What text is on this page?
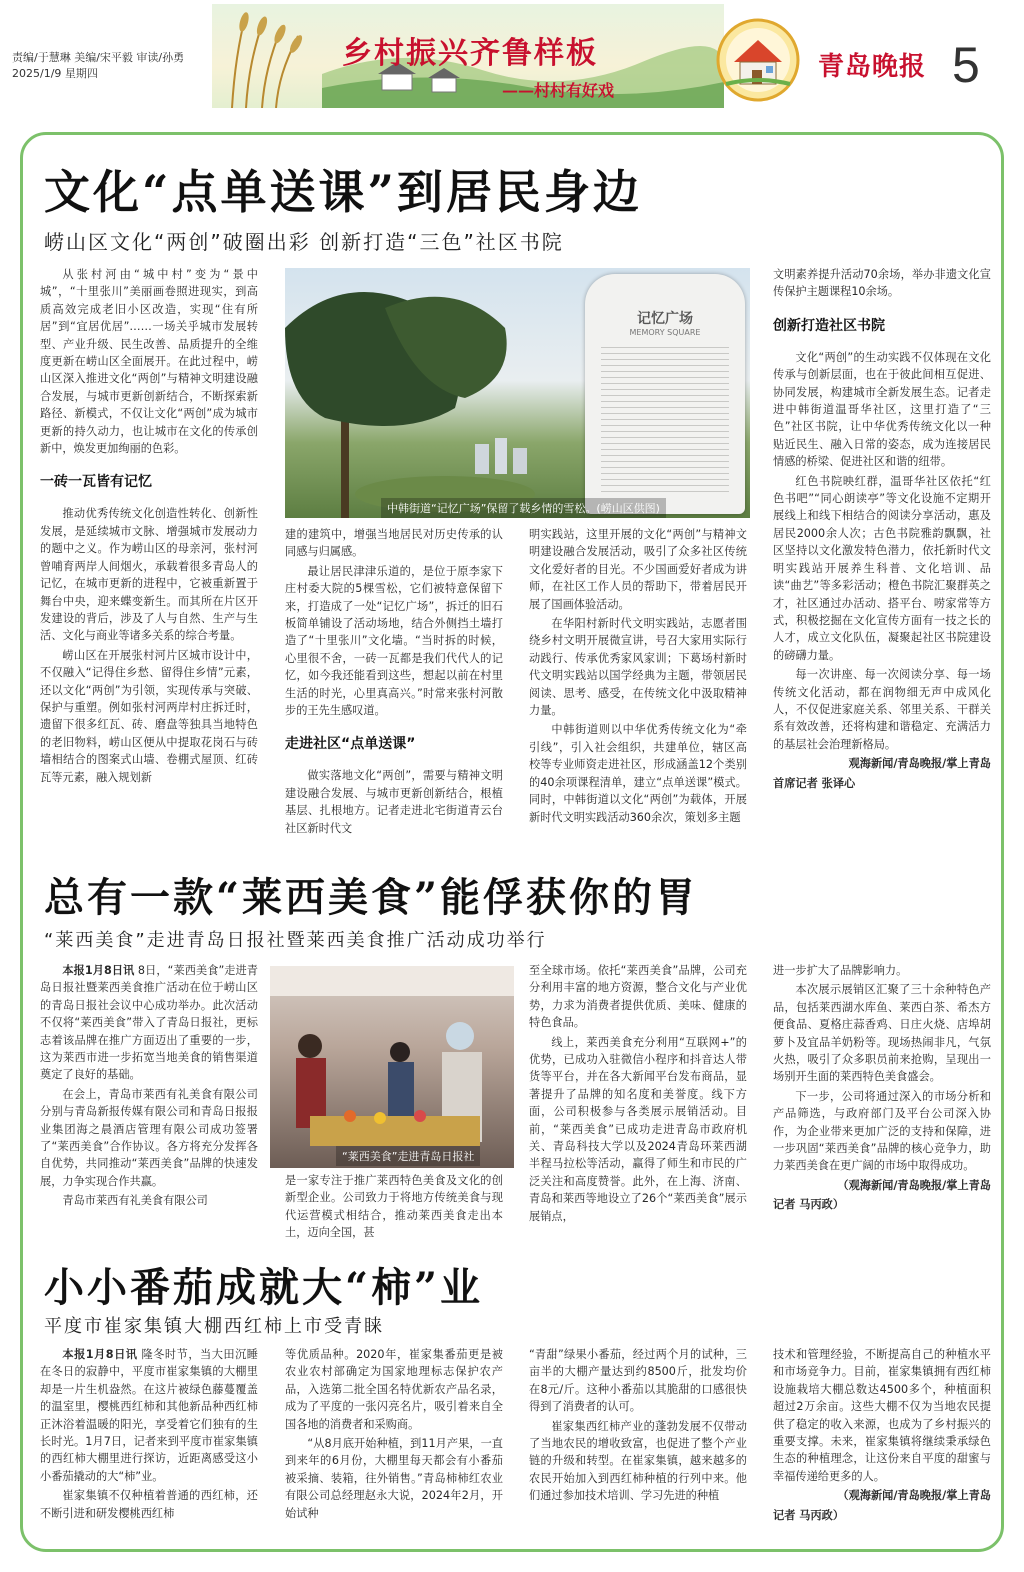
责编/于慧琳 美编/宋平毅 审读/孙勇
2025/1/9 星期四
乡村振兴齐鲁样板
——村村有好戏
青岛晚报 5
文化“点单送课”到居民身边
崂山区文化“两创”破圈出彩 创新打造“三色”社区书院

从张村河由“城中村”变为“景中城”，“十里张川”美丽画卷照进现实，到高质高效完成老旧小区改造，实现“住有所居”到“宜居优居”……一场关乎城市发展转型、产业升级、民生改善、品质提升的全维度更新在崂山区全面展开。在此过程中，崂山区深入推进文化“两创”与精神文明建设融合发展，与城市更新创新结合，不断探索新路径、新模式，不仅让文化“两创”成为城市更新的持久动力，也让城市在文化的传承创新中，焕发更加绚丽的色彩。

一砖一瓦皆有记忆

推动优秀传统文化创造性转化、创新性发展，是延续城市文脉、增强城市发展动力的题中之义。作为崂山区的母亲河，张村河曾哺育两岸人间烟火，承载着很多青岛人的记忆，在城市更新的进程中，它被重新置于舞台中央，迎来蝶变新生。而其所在片区开发建设的背后，涉及了人与自然、生产与生活、文化与商业等诸多关系的综合考量。

崂山区在开展张村河片区城市设计中，不仅融入“记得住乡愁、留得住乡情”元素，还以文化“两创”为引领，实现传承与突破、保护与重塑。例如张村河两岸村庄拆迁时，遗留下很多红瓦、砖、磨盘等独具当地特色的老旧物料，崂山区便从中提取花岗石与砖墙相结合的图案式山墙、卷棚式屋顶、红砖瓦等元素，融入规划新

记忆广场
MEMORY SQUARE
中韩街道“记忆广场”保留了载乡情的雪松。(崂山区供图)

建的建筑中，增强当地居民对历史传承的认同感与归属感。

最让居民津津乐道的，是位于原李家下庄村委大院的5棵雪松，它们被特意保留下来，打造成了一处“记忆广场”，拆迁的旧石板简单铺设了活动场地，结合外侧挡土墙打造了“十里张川”文化墙。“当时拆的时候，心里很不舍，一砖一瓦都是我们代代人的记忆，如今我还能看到这些，想起以前在村里生活的时光，心里真高兴。”时常来张村河散步的王先生感叹道。

走进社区“点单送课”

做实落地文化“两创”，需要与精神文明建设融合发展、与城市更新创新结合，根植基层、扎根地方。记者走进北宅街道青云台社区新时代文

明实践站，这里开展的文化“两创”与精神文明建设融合发展活动，吸引了众多社区传统文化爱好者的目光。不少国画爱好者成为讲师，在社区工作人员的帮助下，带着居民开展了国画体验活动。

在华阳村新时代文明实践站，志愿者围绕乡村文明开展微宣讲，号召大家用实际行动践行、传承优秀家风家训；下葛场村新时代文明实践站以国学经典为主题，带领居民阅读、思考、感受，在传统文化中汲取精神力量。

中韩街道则以中华优秀传统文化为“牵引线”，引入社会组织，共建单位，辖区高校等专业师资走进社区，形成涵盖12个类别的40余项课程清单，建立“点单送课”模式。同时，中韩街道以文化“两创”为载体，开展新时代文明实践活动360余次，策划多主题

文明素养提升活动70余场，举办非遗文化宣传保护主题课程10余场。

创新打造社区书院

文化“两创”的生动实践不仅体现在文化传承与创新层面，也在于彼此间相互促进、协同发展，构建城市全新发展生态。记者走进中韩街道温哥华社区，这里打造了“三色”社区书院，让中华优秀传统文化以一种贴近民生、融入日常的姿态，成为连接居民情感的桥梁、促进社区和谐的纽带。

红色书院映红群，温哥华社区依托“红色书吧”“同心朗读亭”等文化设施不定期开展线上和线下相结合的阅读分享活动，惠及居民2000余人次；古色书院雅韵飘飘，社区坚持以文化激发特色潜力，依托新时代文明实践站开展养生科普、文化培训、品读“曲艺”等多彩活动；橙色书院汇聚群英之才，社区通过办活动、搭平台、唠家常等方式，积极挖掘在文化宣传方面有一技之长的人才，成立文化队伍，凝聚起社区书院建设的磅礴力量。

每一次讲座、每一次阅读分享、每一场传统文化活动，都在润物细无声中成风化人，不仅促进家庭关系、邻里关系、干群关系有效改善，还将构建和谐稳定、充满活力的基层社会治理新格局。

观海新闻/青岛晚报/掌上青岛

首席记者 张译心

总有一款“莱西美食”能俘获你的胃
“莱西美食”走进青岛日报社暨莱西美食推广活动成功举行

本报1月8日讯 8日，“莱西美食”走进青岛日报社暨莱西美食推广活动在位于崂山区的青岛日报社会议中心成功举办。此次活动不仅将“莱西美食”带入了青岛日报社，更标志着该品牌在推广方面迈出了重要的一步，这为莱西市进一步拓宽当地美食的销售渠道奠定了良好的基础。

在会上，青岛市莱西有礼美食有限公司分别与青岛新报传媒有限公司和青岛日报报业集团海之晨酒店管理有限公司成功签署了“莱西美食”合作协议。各方将充分发挥各自优势，共同推动“莱西美食”品牌的快速发展，力争实现合作共赢。

青岛市莱西有礼美食有限公司

“莱西美食”走进青岛日报社

是一家专注于推广莱西特色美食及文化的创新型企业。公司致力于将地方传统美食与现代运营模式相结合，推动莱西美食走出本土，迈向全国，甚

至全球市场。依托“莱西美食”品牌，公司充分利用丰富的地方资源，整合文化与产业优势，力求为消费者提供优质、美味、健康的特色食品。

线上，莱西美食充分利用“互联网+”的优势，已成功入驻微信小程序和抖音达人带货等平台，并在各大新闻平台发布商品，显著提升了品牌的知名度和美誉度。线下方面，公司积极参与各类展示展销活动。目前，“莱西美食”已成功走进青岛市政府机关、青岛科技大学以及2024青岛环莱西湖半程马拉松等活动，赢得了师生和市民的广泛关注和高度赞誉。此外，在上海、济南、青岛和莱西等地设立了26个“莱西美食”展示展销点，

进一步扩大了品牌影响力。

本次展示展销区汇聚了三十余种特色产品，包括莱西湖水库鱼、莱西白茶、希杰方便食品、夏格庄蒜香鸡、日庄火烧、店埠胡萝卜及宜品羊奶粉等。现场热闹非凡，气氛火热，吸引了众多职员前来抢购，呈现出一场别开生面的莱西特色美食盛会。

下一步，公司将通过深入的市场分析和产品筛选，与政府部门及平台公司深入协作，为企业带来更加广泛的支持和保障，进一步巩固“莱西美食”品牌的核心竞争力，助力莱西美食在更广阔的市场中取得成功。

（观海新闻/青岛晚报/掌上青岛

记者 马丙政）

小小番茄成就大“柿”业
平度市崔家集镇大棚西红柿上市受青睐

本报1月8日讯 隆冬时节，当大田沉睡在冬日的寂静中，平度市崔家集镇的大棚里却是一片生机盎然。在这片被绿色藤蔓覆盖的温室里，樱桃西红柿和其他新品种西红柿正沐浴着温暖的阳光，享受着它们独有的生长时光。1月7日，记者来到平度市崔家集镇的西红柿大棚里进行探访，近距离感受这小小番茄撬动的大“柿”业。

崔家集镇不仅种植着普通的西红柿，还不断引进和研发樱桃西红柿

等优质品种。2020年，崔家集番茄更是被农业农村部确定为国家地理标志保护农产品，入选第二批全国名特优新农产品名录，成为了平度的一张闪亮名片，吸引着来自全国各地的消费者和采购商。

“从8月底开始种植，到11月产果，一直到来年的6月份，大棚里每天都会有小番茄被采摘、装箱，往外销售。”青岛柿柿红农业有限公司总经理赵永大说，2024年2月，开始试种

“青甜”绿果小番茄，经过两个月的试种，三亩半的大棚产量达到约8500斤，批发均价在8元/斤。这种小番茄以其脆甜的口感很快得到了消费者的认可。

崔家集西红柿产业的蓬勃发展不仅带动了当地农民的增收致富，也促进了整个产业链的升级和转型。在崔家集镇，越来越多的农民开始加入到西红柿种植的行列中来。他们通过参加技术培训、学习先进的种植

技术和管理经验，不断提高自己的种植水平和市场竞争力。目前，崔家集镇拥有西红柿设施栽培大棚总数达4500多个，种植面积超过2万余亩。这些大棚不仅为当地农民提供了稳定的收入来源，也成为了乡村振兴的重要支撑。未来，崔家集镇将继续秉承绿色生态的种植理念，让这份来自平度的甜蜜与幸福传递给更多的人。

（观海新闻/青岛晚报/掌上青岛

记者 马丙政）
